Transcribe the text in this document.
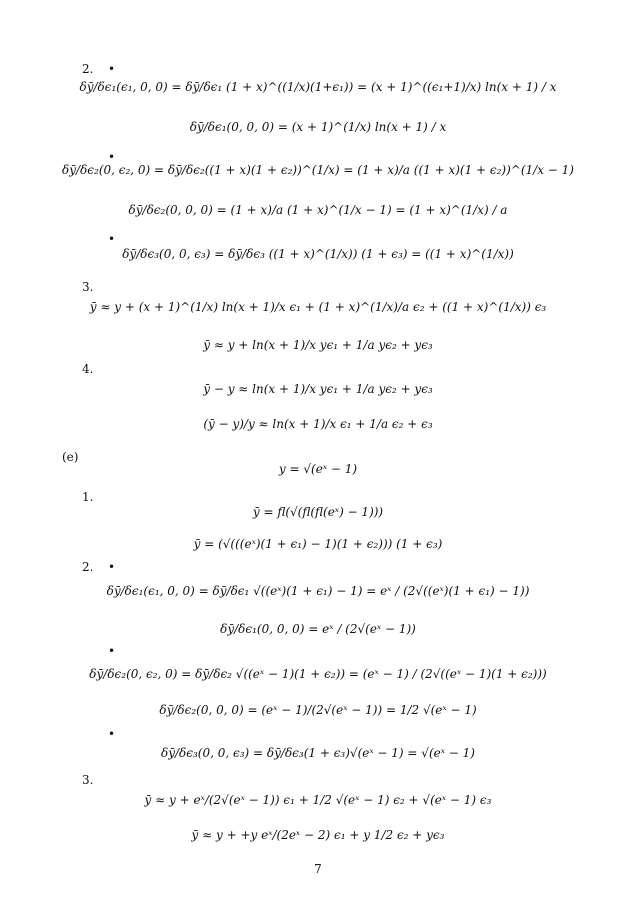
2. •
•
•
3.
4.
(e)
1.
2. •
•
•
3.
δȳ/δϵ₁(ϵ₁, 0, 0) = δȳ/δϵ₁ (1 + x)^((1/x)(1+ϵ₁)) = (x + 1)^((ϵ₁+1)/x) ln(x + 1) / x
δȳ/δϵ₁(0, 0, 0) = (x + 1)^(1/x) ln(x + 1) / x
δȳ/δϵ₂(0, ϵ₂, 0) = δȳ/δϵ₂((1 + x)(1 + ϵ₂))^(1/x) = (1 + x)/a ((1 + x)(1 + ϵ₂))^(1/x − 1)
δȳ/δϵ₂(0, 0, 0) = (1 + x)/a (1 + x)^(1/x − 1) = (1 + x)^(1/x) / a
δȳ/δϵ₃(0, 0, ϵ₃) = δȳ/δϵ₃ ((1 + x)^(1/x)) (1 + ϵ₃) = ((1 + x)^(1/x))
ȳ ≈ y + (x + 1)^(1/x) ln(x + 1)/x ϵ₁ + (1 + x)^(1/x)/a ϵ₂ + ((1 + x)^(1/x)) ϵ₃
ȳ ≈ y + ln(x + 1)/x yϵ₁ + 1/a yϵ₂ + yϵ₃
ȳ − y ≈ ln(x + 1)/x yϵ₁ + 1/a yϵ₂ + yϵ₃
(ȳ − y)/y ≈ ln(x + 1)/x ϵ₁ + 1/a ϵ₂ + ϵ₃
y = √(eˣ − 1)
ȳ = fl(√(fl(fl(eˣ) − 1)))
ȳ = (√(((eˣ)(1 + ϵ₁) − 1)(1 + ϵ₂))) (1 + ϵ₃)
δȳ/δϵ₁(ϵ₁, 0, 0) = δȳ/δϵ₁ √((eˣ)(1 + ϵ₁) − 1) = eˣ / (2√((eˣ)(1 + ϵ₁) − 1))
δȳ/δϵ₁(0, 0, 0) = eˣ / (2√(eˣ − 1))
δȳ/δϵ₂(0, ϵ₂, 0) = δȳ/δϵ₂ √((eˣ − 1)(1 + ϵ₂)) = (eˣ − 1) / (2√((eˣ − 1)(1 + ϵ₂)))
δȳ/δϵ₂(0, 0, 0) = (eˣ − 1)/(2√(eˣ − 1)) = 1/2 √(eˣ − 1)
δȳ/δϵ₃(0, 0, ϵ₃) = δȳ/δϵ₃(1 + ϵ₃)√(eˣ − 1) = √(eˣ − 1)
ȳ ≈ y + eˣ/(2√(eˣ − 1)) ϵ₁ + 1/2 √(eˣ − 1) ϵ₂ + √(eˣ − 1) ϵ₃
ȳ ≈ y + +y eˣ/(2eˣ − 2) ϵ₁ + y 1/2 ϵ₂ + yϵ₃
7
